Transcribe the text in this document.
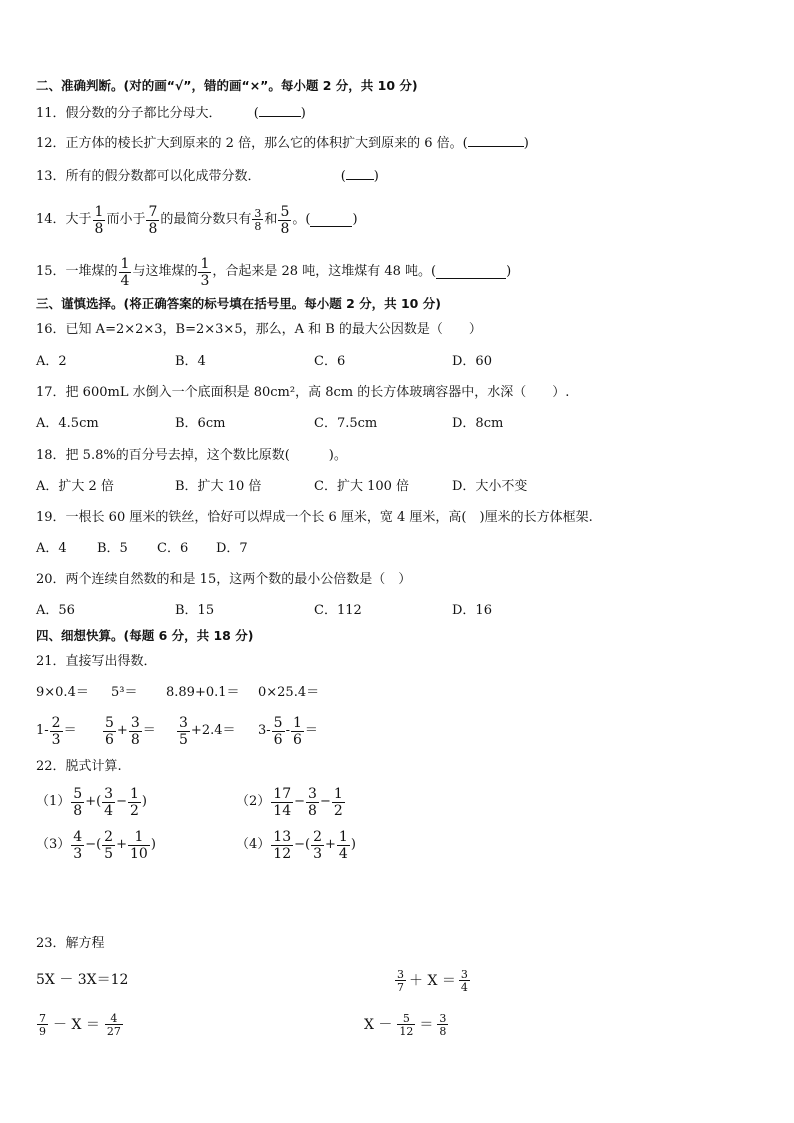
二、准确判断。(对的画“√”，错的画“×”。每小题 2 分，共 10 分)
11．假分数的分子都比分母大． (	)
12．正方体的棱长扩大到原来的 2 倍，那么它的体积扩大到原来的 6 倍。(	)
13．所有的假分数都可以化成带分数．	( )
14．大于 $\frac{1}{8}$ 而小于 $\frac{7}{8}$ 的最简分数只有 $\frac{3}{8}$ 和 $\frac{5}{8}$ 。 (	)
15．一堆煤的 $\frac{1}{4}$ 与这堆煤的 $\frac{1}{3}$ ，合起来是 28 吨，这堆煤有 48 吨。 (	)
三、谨慎选择。(将正确答案的标号填在括号里。每小题 2 分，共 10 分)
16．已知 A=2×2×3，B=2×3×5，那么，A 和 B 的最大公因数是（　　）
A．2	B．4	C．6	D．60
17．把 600mL 水倒入一个底面积是 80cm²，高 8cm 的长方体玻璃容器中，水深（　　）.
A．4.5cm	B．6cm	C．7.5cm	D．8cm
18．把 5.8%的百分号去掉，这个数比原数(　　　)。
A．扩大 2 倍	B．扩大 10 倍	C．扩大 100 倍	D．大小不变
19．一根长 60 厘米的铁丝，恰好可以焊成一个长 6 厘米，宽 4 厘米，高(　)厘米的长方体框架.
A．4 B．5 C．6 D．7
20．两个连续自然数的和是 15，这两个数的最小公倍数是（　）
A．56	B．15	C．112	D．16
四、细想快算。(每题 6 分，共 18 分)
21．直接写出得数．
9×0.4＝ 5³＝ 8.89+0.1＝ 0×25.4＝
$1- \frac{2}{3} = \frac{5}{6} + \frac{3}{8} = \frac{3}{5} +2.4= 3- \frac{5}{6} - \frac{1}{6}$ ＝
22．脱式计算.
$(1) \frac{5}{8}$ +( $\frac{3}{4} - \frac{1}{2}$ )	$(2) \frac{17}{14} - \frac{3}{8} - \frac{1}{2}$
$(3) \frac{4}{3}$ −( $\frac{2}{5} + \frac{1}{10}$ )	$(4) \frac{13}{12}$ −( $\frac{2}{3} + \frac{1}{4}$ )
23．解方程
5X － 3X＝12	$\frac{3}{7} + X = \frac{3}{4}$
$\frac{7}{9} - X = \frac{4}{27}$	$X - \frac{5}{12} = \frac{3}{8}$
